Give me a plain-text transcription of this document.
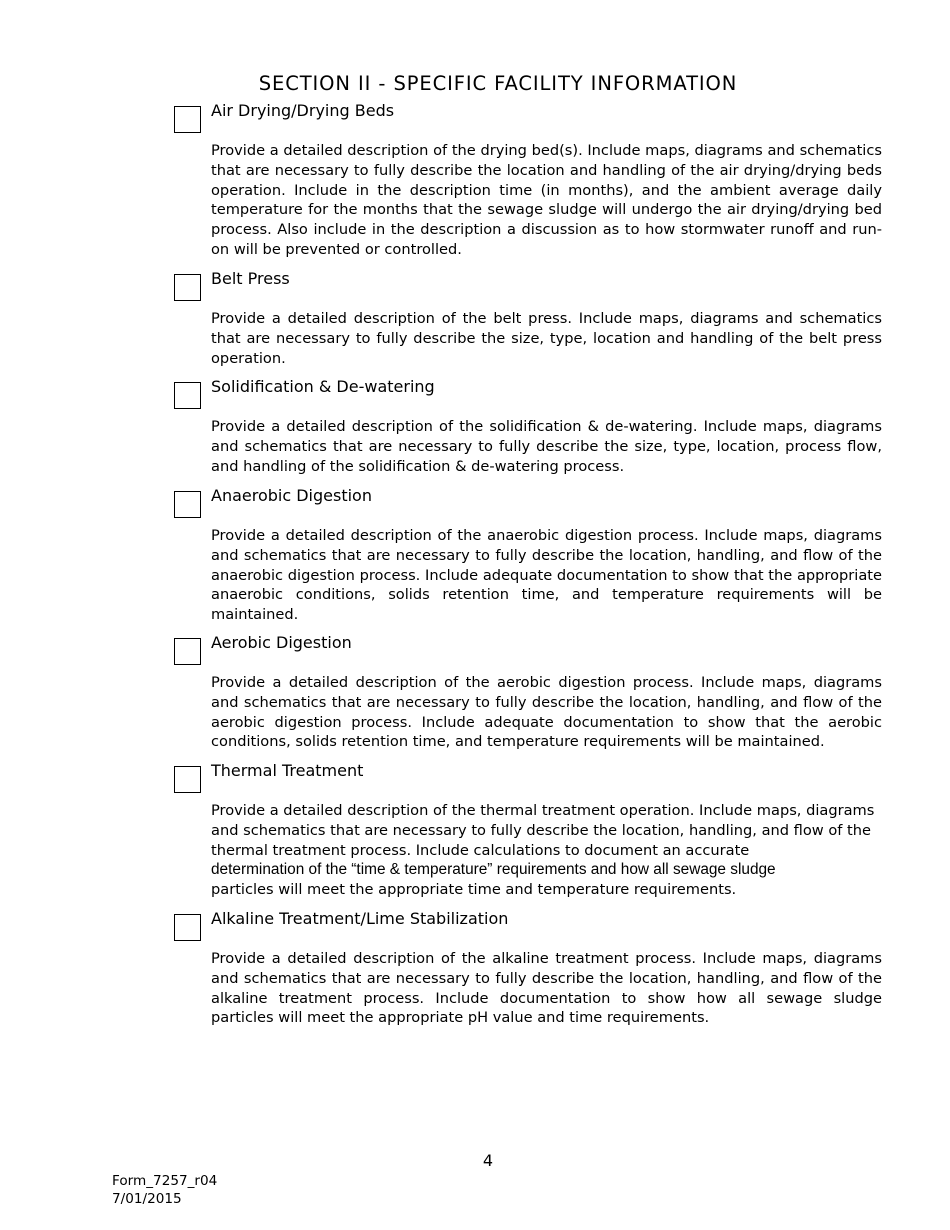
SECTION II - SPECIFIC FACILITY INFORMATION
Air Drying/Drying Beds

Provide a detailed description of the drying bed(s). Include maps, diagrams and schematics that are necessary to fully describe the location and handling of the air drying/drying beds operation. Include in the description time (in months), and the ambient average daily temperature for the months that the sewage sludge will undergo the air drying/drying bed process. Also include in the description a discussion as to how stormwater runoff and run-on will be prevented or controlled.

Belt Press

Provide a detailed description of the belt press. Include maps, diagrams and schematics that are necessary to fully describe the size, type, location and handling of the belt press operation.

Solidification & De-watering

Provide a detailed description of the solidification & de-watering. Include maps, diagrams and schematics that are necessary to fully describe the size, type, location, process flow, and handling of the solidification & de-watering process.

Anaerobic Digestion

Provide a detailed description of the anaerobic digestion process. Include maps, diagrams and schematics that are necessary to fully describe the location, handling, and flow of the anaerobic digestion process. Include adequate documentation to show that the appropriate anaerobic conditions, solids retention time, and temperature requirements will be maintained.

Aerobic Digestion

Provide a detailed description of the aerobic digestion process. Include maps, diagrams and schematics that are necessary to fully describe the location, handling, and flow of the aerobic digestion process. Include adequate documentation to show that the aerobic conditions, solids retention time, and temperature requirements will be maintained.

Thermal Treatment

Provide a detailed description of the thermal treatment operation. Include maps, diagrams and schematics that are necessary to fully describe the location, handling, and flow of the thermal treatment process. Include calculations to document an accurate
determination of the “time & temperature” requirements and how all sewage sludge
particles will meet the appropriate time and temperature requirements.

Alkaline Treatment/Lime Stabilization

Provide a detailed description of the alkaline treatment process. Include maps, diagrams and schematics that are necessary to fully describe the location, handling, and flow of the alkaline treatment process. Include documentation to show how all sewage sludge particles will meet the appropriate pH value and time requirements.

4
Form_7257_r04
7/01/2015
